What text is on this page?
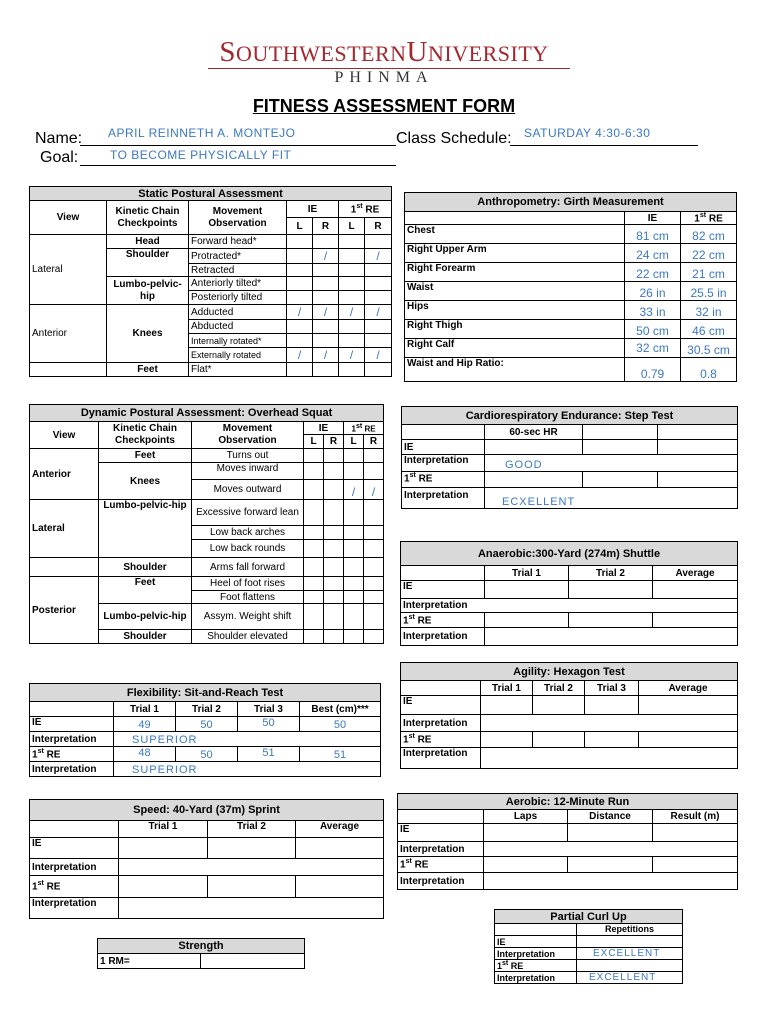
SOUTHWESTERNUNIVERSITY
PHINMA
FITNESS ASSESSMENT FORM
Name: APRIL REINNETH A. MONTEJO	Class Schedule: SATURDAY 4:30-6:30
Goal:	TO BECOME PHYSICALLY FIT
Static Postural Assessment						
View	Kinetic Chain Checkpoints	Movement Observation	IE		1st RE	
			L	R	L	R
Lateral	Head	Forward head*				
	Shoulder	Protracted*		/		/
		Retracted				
	Lumbo-pelvic-hip	Anteriorly tilted*				
		Posteriorly tilted				
Anterior	Knees	Adducted	/	/	/	/
		Abducted				
		Internally rotated*				
		Externally rotated	/	/	/	/
	Feet	Flat*				
Anthropometry: Girth Measurement		
	IE	1st RE
Chest	81 cm	82 cm
Right Upper Arm	24 cm	22 cm
Right Forearm	22 cm	21 cm
Waist	26 in	25.5 in
Hips	33 in	32 in
Right Thigh	50 cm	46 cm
Right Calf	32 cm	30.5 cm
Waist and Hip Ratio:	0.79	0.8
Dynamic Postural Assessment: Overhead Squat						
View	Kinetic Chain Checkpoints	Movement Observation	IE		1st RE	
			L	R	L	R
Anterior	Feet	Turns out				
	Knees	Moves inward				
		Moves outward			/	/
Lateral	Lumbo-pelvic-hip	Excessive forward lean				
		Low back arches				
		Low back rounds				
	Shoulder	Arms fall forward				
Posterior	Feet	Heel of foot rises				
		Foot flattens				
	Lumbo-pelvic-hip	Assym. Weight shift				
	Shoulder	Shoulder elevated				
Cardiorespiratory Endurance: Step Test			
	60-sec HR		
IE			
Interpretation	GOOD		
1st RE			
Interpretation	ECXELLENT		
Anaerobic:300-Yard (274m) Shuttle			
	Trial 1	Trial 2	Average
IE			
Interpretation			
1st RE			
Interpretation			
Agility: Hexagon Test				
	Trial 1	Trial 2	Trial 3	Average
IE				
Interpretation				
1st RE				
Interpretation				
Flexibility: Sit-and-Reach Test				
	Trial 1	Trial 2	Trial 3	Best (cm)***
IE	49	50	50	50
Interpretation	SUPERIOR			
1st RE	48	50	51	51
Interpretation	SUPERIOR			
Speed: 40-Yard (37m) Sprint			
	Trial 1	Trial 2	Average
IE			
Interpretation			
1st RE			
Interpretation			
Aerobic: 12-Minute Run			
	Laps	Distance	Result (m)
IE			
Interpretation			
1st RE			
Interpretation			
Partial Curl Up	
	Repetitions
IE	
Interpretation	EXCELLENT
1st RE	
Interpretation	EXCELLENT
Strength
1 RM=	
